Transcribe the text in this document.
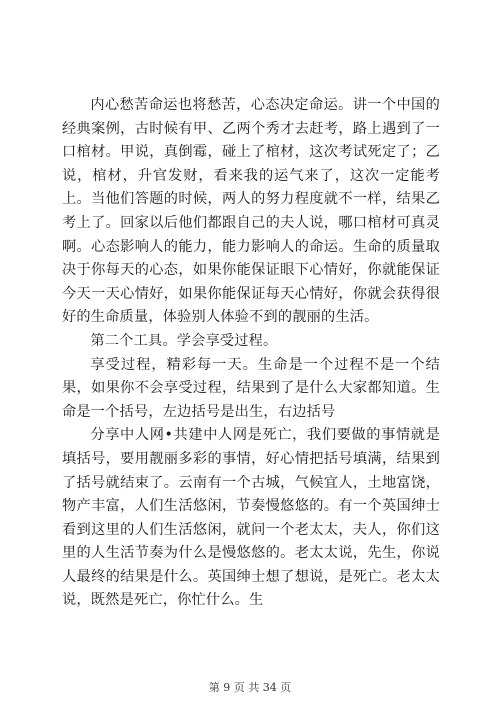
内心愁苦命运也将愁苦，心态决定命运。讲一个中国的经典案例，古时候有甲、乙两个秀才去赶考，路上遇到了一口棺材。甲说，真倒霉，碰上了棺材，这次考试死定了；乙说，棺材，升官发财，看来我的运气来了，这次一定能考上。当他们答题的时候，两人的努力程度就不一样，结果乙考上了。回家以后他们都跟自己的夫人说，哪口棺材可真灵啊。心态影响人的能力，能力影响人的命运。生命的质量取决于你每天的心态，如果你能保证眼下心情好，你就能保证今天一天心情好，如果你能保证每天心情好，你就会获得很好的生命质量，体验别人体验不到的靓丽的生活。

第二个工具。学会享受过程。

享受过程，精彩每一天。生命是一个过程不是一个结果，如果你不会享受过程，结果到了是什么大家都知道。生命是一个括号，左边括号是出生，右边括号

分享中人网•共建中人网是死亡，我们要做的事情就是填括号，要用靓丽多彩的事情，好心情把括号填满，结果到了括号就结束了。云南有一个古城，气候宜人，土地富饶，物产丰富，人们生活悠闲，节奏慢悠悠的。有一个英国绅士看到这里的人们生活悠闲，就问一个老太太，夫人，你们这里的人生活节奏为什么是慢悠悠的。老太太说，先生，你说人最终的结果是什么。英国绅士想了想说，是死亡。老太太说，既然是死亡，你忙什么。生

第 9 页 共 34 页
